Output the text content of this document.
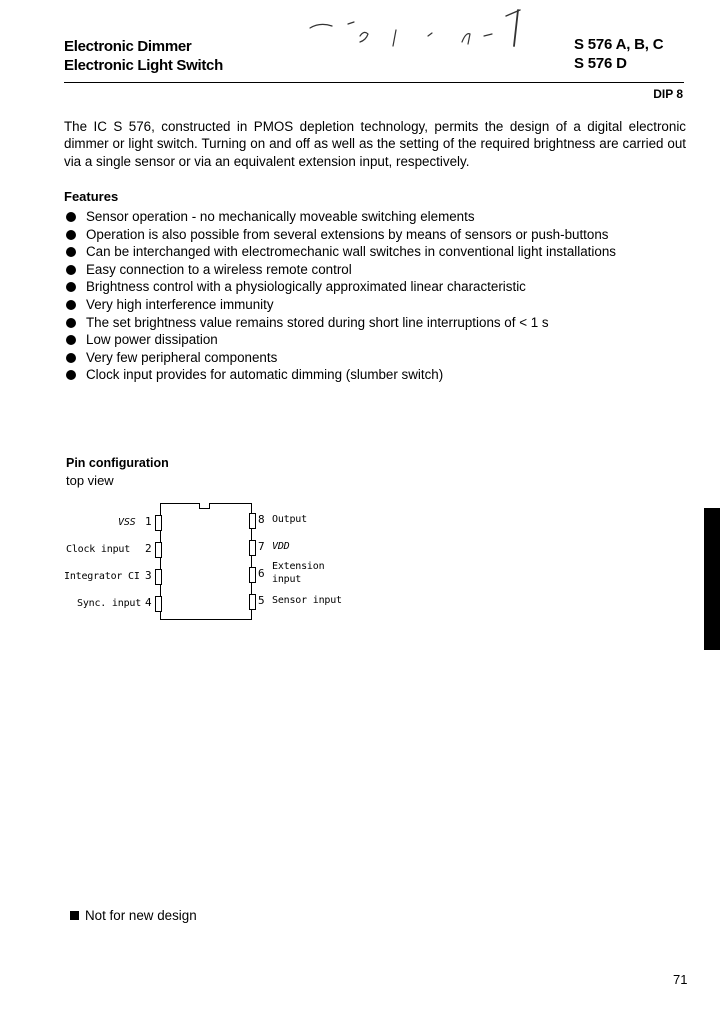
Electronic Dimmer
Electronic Light Switch
S 576 A, B, C
S 576 D
DIP 8
The IC S 576, constructed in PMOS depletion technology, permits the design of a digital electronic dimmer or light switch. Turning on and off as well as the setting of the required brightness are carried out via a single sensor or via an equivalent extension input, respectively.
Features
Sensor operation - no mechanically moveable switching elements
Operation is also possible from several extensions by means of sensors or push-buttons
Can be interchanged with electromechanic wall switches in conventional light installations
Easy connection to a wireless remote control
Brightness control with a physiologically approximated linear characteristic
Very high interference immunity
The set brightness value remains stored during short line interruptions of < 1 s
Low power dissipation
Very few peripheral components
Clock input provides for automatic dimming (slumber switch)
Pin configuration
top view
1
2
3
4
VSS
Clock input
Integrator CI
Sync. input
8
7
6
5
Output
VDD
Extension input
Sensor input
Not for new design
71
